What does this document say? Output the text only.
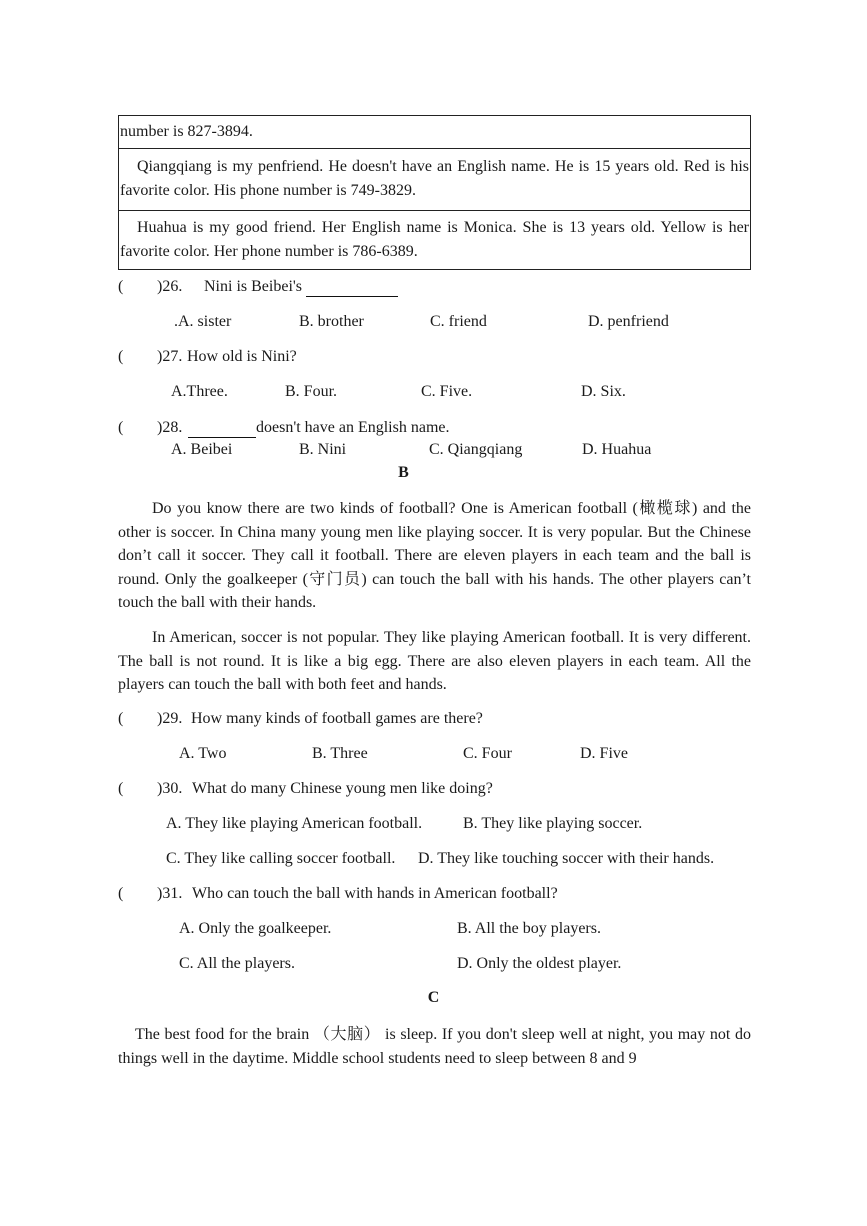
number is 827-3894.
Qiangqiang is my penfriend. He doesn't have an English name. He is 15 years old. Red is his favorite color. His phone number is 749-3829.
Huahua is my good friend. Her English name is Monica. She is 13 years old. Yellow is her favorite color. Her phone number is 786-6389.
( )26. Nini is Beibei's
.A. sister	B. brother	C. friend	D. penfriend
( )27. How old is Nini?
A.Three.	B. Four.	C. Five.	D. Six.
( )28.	doesn't have an English name.
A. Beibei	B. Nini	C. Qiangqiang	D. Huahua
B
Do you know there are two kinds of football? One is American football (橄榄球) and the other is soccer. In China many young men like playing soccer. It is very popular. But the Chinese don’t call it soccer. They call it football. There are eleven players in each team and the ball is round. Only the goalkeeper (守门员) can touch the ball with his hands. The other players can’t touch the ball with their hands.
In American, soccer is not popular. They like playing American football. It is very different. The ball is not round. It is like a big egg. There are also eleven players in each team. All the players can touch the ball with both feet and hands.
( )29. How many kinds of football games are there?
A. Two	B. Three	C. Four	D. Five
( )30. What do many Chinese young men like doing?
A. They like playing American football.	B. They like playing soccer.
C. They like calling soccer football. D. They like touching soccer with their hands.
( )31. Who can touch the ball with hands in American football?
A. Only the goalkeeper.	B. All the boy players.
C. All the players.	D. Only the oldest player.
C
The best food for the brain （大脑） is sleep. If you don't sleep well at night, you may not do things well in the daytime. Middle school students need to sleep between 8 and 9
